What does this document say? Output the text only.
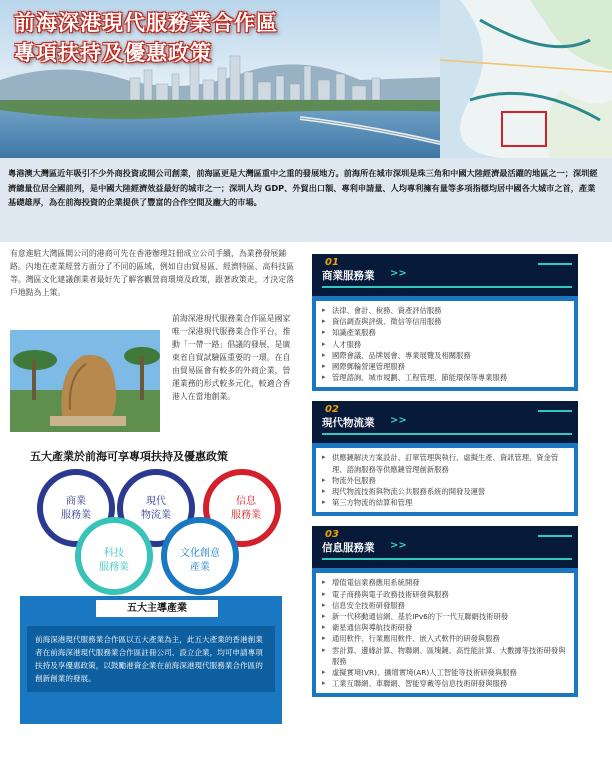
前海深港現代服務業合作區
專項扶持及優惠政策

粵港澳大灣區近年吸引不少外商投資或開公司創業，前海區更是大灣區重中之重的發展地方。前海所在城市深圳是珠三角和中國大陸經濟最活躍的地區之一；深圳經濟總量位居全國前列，是中國大陸經濟效益最好的城市之一；深圳人均 GDP、外貿出口額、專利申請量、人均專利擁有量等多項指標均居中國各大城市之首，產業基礎雄厚，為在前海投資的企業提供了豐富的合作空間及龐大的市場。

有意進駐大灣區開公司的港商可先在香港辦理註冊成立公司手續，為業務發展鋪路。內地在產業經營方面分了不同的區域，例如自由貿易區、經濟特區、高科技區等。灣區文化建議創業者最好先了解客觀營商環境及政策，跟著政策走，才決定落戶地點為上策。

前海深港現代服務業合作區是國家唯一深港現代服務業合作平台，推動「一帶一路」倡議的發展，是廣東省自貿試驗區重要的一環。在自由貿易區會有較多的外商企業，營運業務的形式較多元化，較適合香港人在當地創業。

五大產業於前海可享專項扶持及優惠政策
商業
服務業
現代
物流業
信息
服務業
科技
服務業
文化創意
產業
五大主導產業

前海深港現代服務業合作區以五大產業為主，此五大產業的香港創業者在前海深港現代服務業合作區註冊公司、設立企業，均可申請專項扶持及享優惠政策，以鼓勵港資企業在前海深港現代服務業合作區的創新創業的發展。

01
商業服務業 >>
▸ 法律、會計、稅務、資產評估服務
▸ 資信調查與評級、徵信等信用服務
▸ 知識產業服務
▸ 人才服務
▸ 國際會議、品牌展會、專業展覽及相關服務
▸ 國際郵輪營運管理服務
▸ 管理諮詢、城市規劃、工程管理、節能環保等專業服務
02
現代物流業 >>
▸ 供應鏈解決方案設計、訂單管理與執行、虛擬生產、資訊管理、資金管理、諮詢服務等供應鏈管理創新服務
▸ 物流外包服務
▸ 現代物流技術與物流公共服務系統的開發及運營
▸ 第三方物流的結算和管理
03
信息服務業 >>
▸ 增值電信業務應用系統開發
▸ 電子商務與電子政務技術研發與服務
▸ 信息安全技術研發服務
▸ 新一代移動通信網、基於IPv6的下一代互聯網技術研發
▸ 衛星通信與導航技術研發
▸ 通用軟件、行業應用軟件、嵌入式軟件的研發與服務
▸ 雲計算、邊緣計算、物聯網、區塊鏈、高性能計算、大數據等技術研發與服務
▸ 虛擬實境(VR)、擴增實境(AR)人工智能等技術研發與服務
▸ 工業互聯網、車聯網、智能穿戴等信息技術研發與服務
